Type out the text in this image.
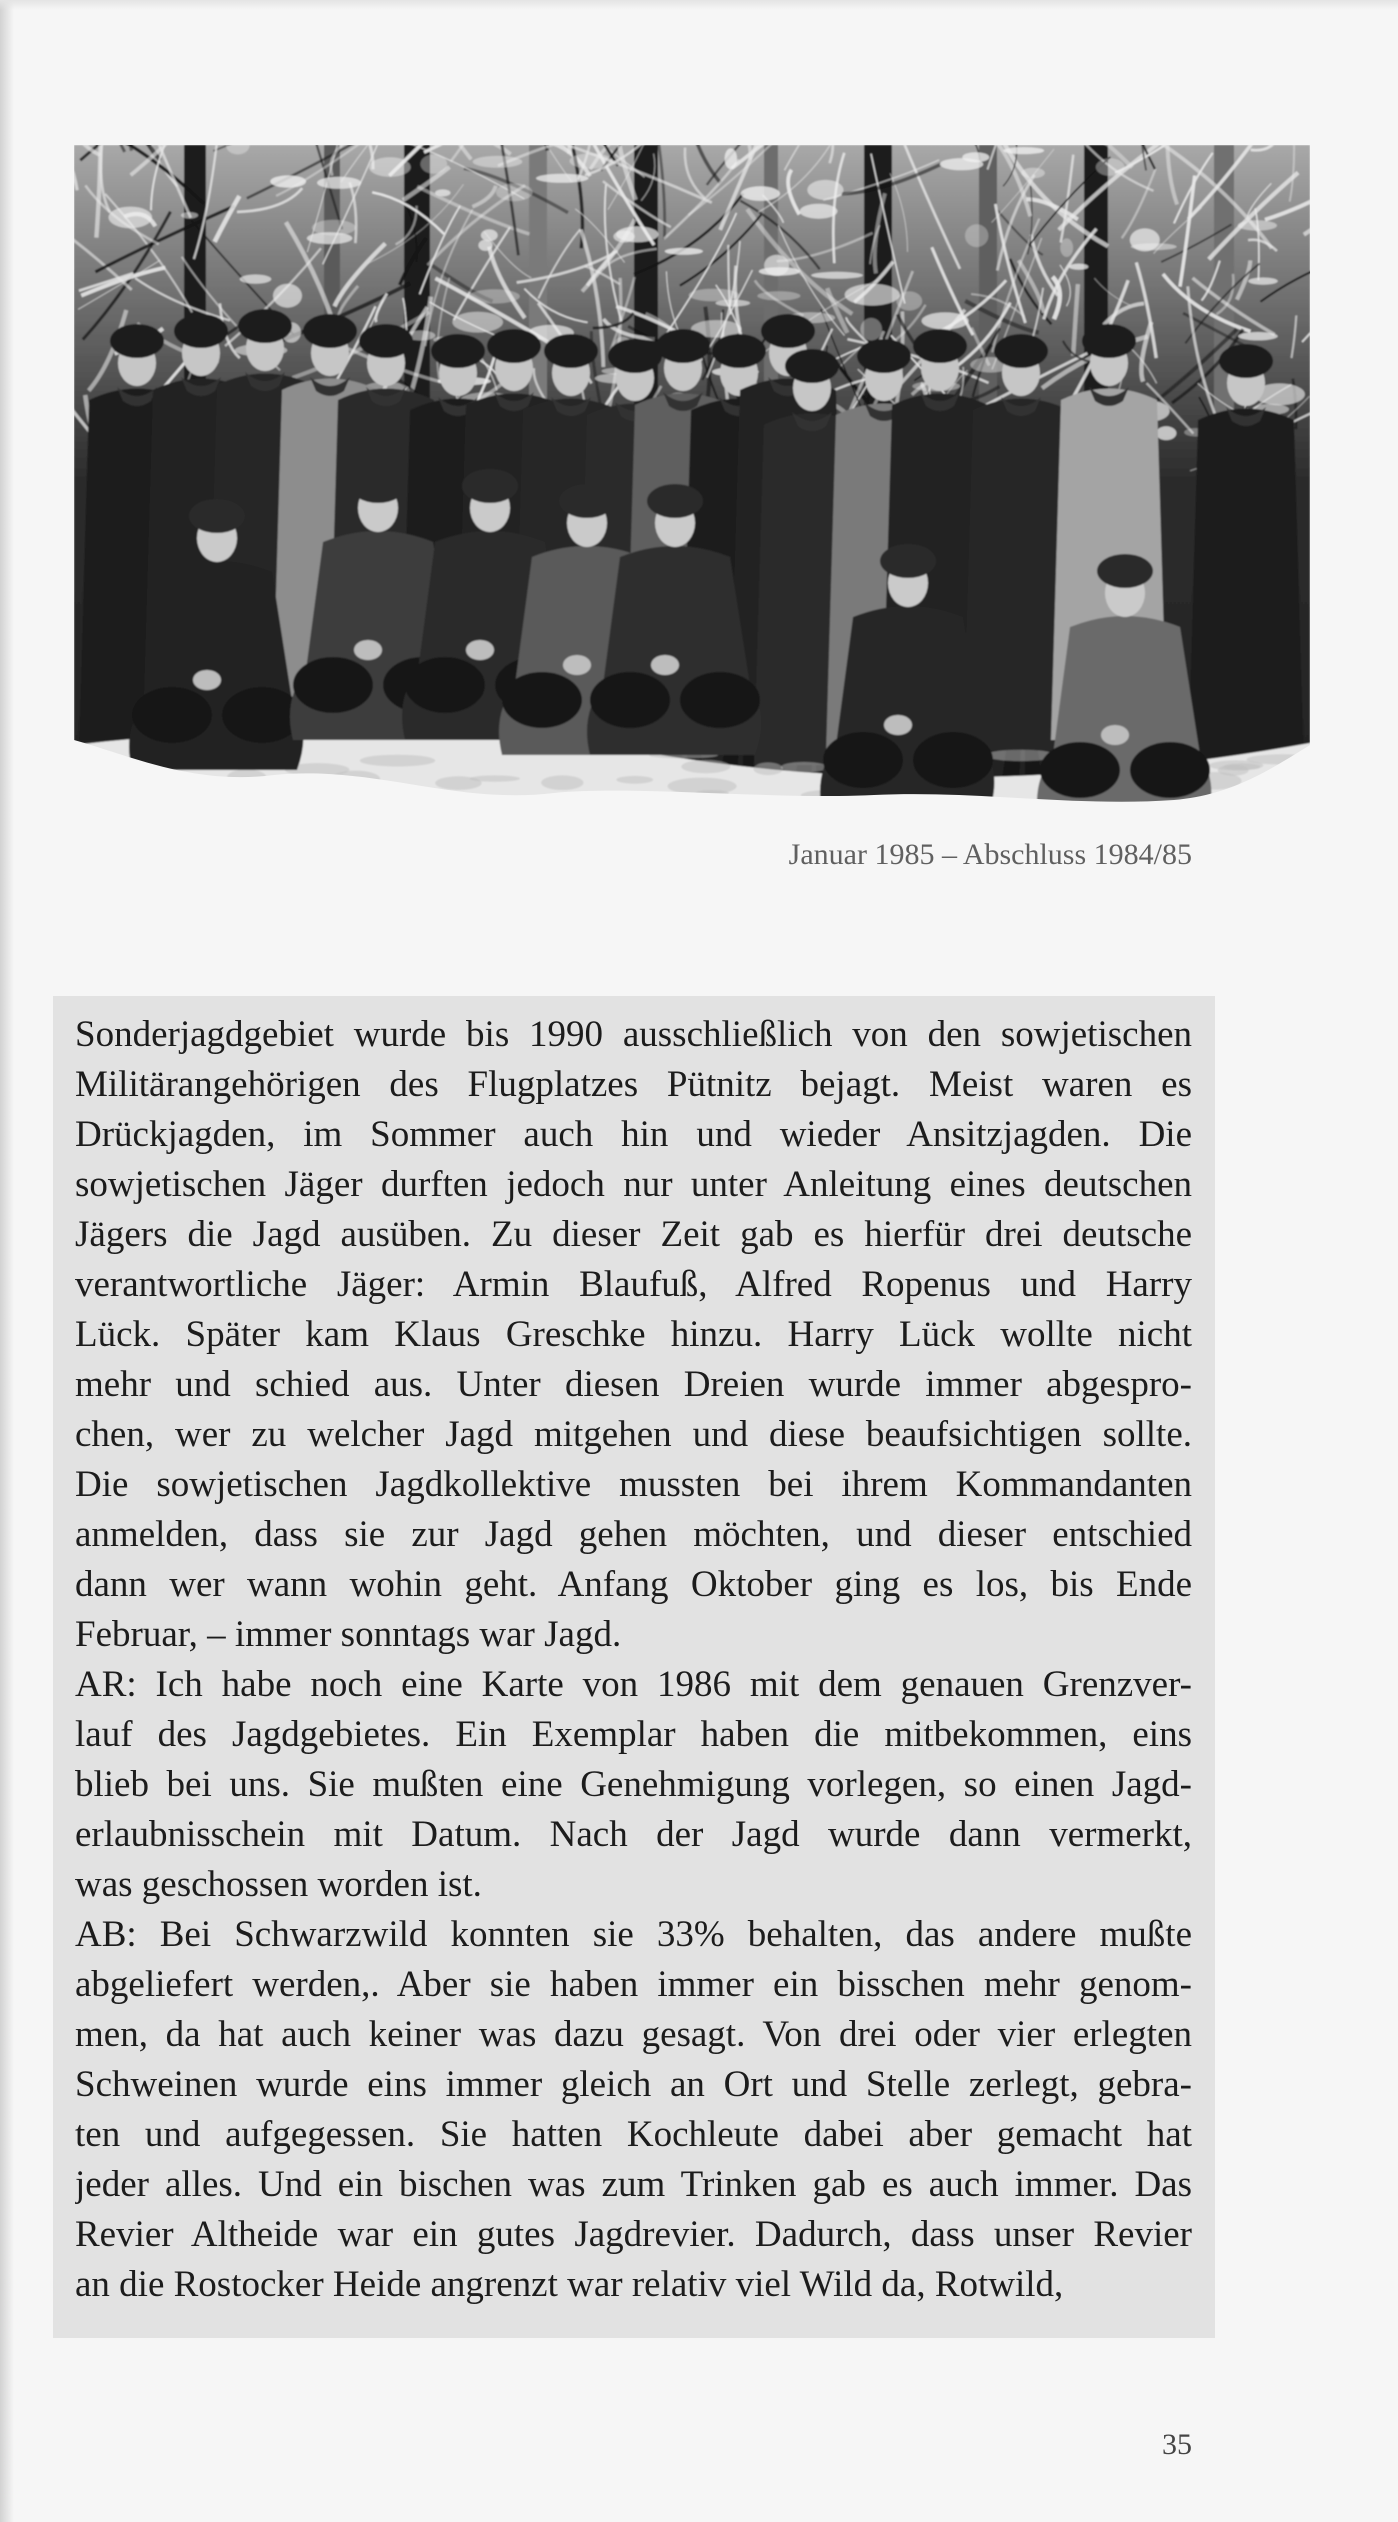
Januar 1985 – Abschluss 1984/85
Sonderjagdgebiet wurde bis 1990 ausschließlich von den sowjetischen
Militärangehörigen des Flugplatzes Pütnitz bejagt. Meist waren es
Drückjagden, im Sommer auch hin und wieder Ansitzjagden. Die
sowjetischen Jäger durften jedoch nur unter Anleitung eines deutschen
Jägers die Jagd ausüben. Zu dieser Zeit gab es hierfür drei deutsche
verantwortliche Jäger: Armin Blaufuß, Alfred Ropenus und Harry
Lück. Später kam Klaus Greschke hinzu. Harry Lück wollte nicht
mehr und schied aus. Unter diesen Dreien wurde immer abgespro-
chen, wer zu welcher Jagd mitgehen und diese beaufsichtigen sollte.
Die sowjetischen Jagdkollektive mussten bei ihrem Kommandanten
anmelden, dass sie zur Jagd gehen möchten, und dieser entschied
dann wer wann wohin geht. Anfang Oktober ging es los, bis Ende
Februar, – immer sonntags war Jagd.
AR: Ich habe noch eine Karte von 1986 mit dem genauen Grenzver-
lauf des Jagdgebietes. Ein Exemplar haben die mitbekommen, eins
blieb bei uns. Sie mußten eine Genehmigung vorlegen, so einen Jagd-
erlaubnisschein mit Datum. Nach der Jagd wurde dann vermerkt,
was geschossen worden ist.
AB: Bei Schwarzwild konnten sie 33% behalten, das andere mußte
abgeliefert werden,. Aber sie haben immer ein bisschen mehr genom-
men, da hat auch keiner was dazu gesagt. Von drei oder vier erlegten
Schweinen wurde eins immer gleich an Ort und Stelle zerlegt, gebra-
ten und aufgegessen. Sie hatten Kochleute dabei aber gemacht hat
jeder alles. Und ein bischen was zum Trinken gab es auch immer. Das
Revier Altheide war ein gutes Jagdrevier. Dadurch, dass unser Revier
an die Rostocker Heide angrenzt war relativ viel Wild da, Rotwild,
35
